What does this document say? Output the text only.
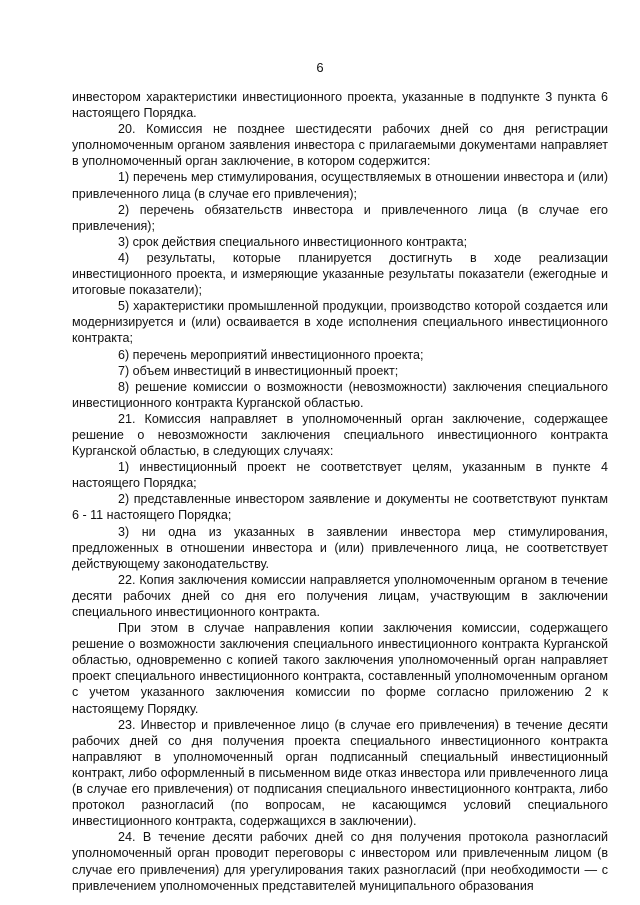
6

инвестором характеристики инвестиционного проекта, указанные в подпункте 3 пункта 6 настоящего Порядка.

20. Комиссия не позднее шестидесяти рабочих дней со дня регистрации уполномоченным органом заявления инвестора с прилагаемыми документами направляет в уполномоченный орган заключение, в котором содержится:

1) перечень мер стимулирования, осуществляемых в отношении инвестора и (или) привлеченного лица (в случае его привлечения);

2) перечень обязательств инвестора и привлеченного лица (в случае его привлечения);

3) срок действия специального инвестиционного контракта;

4) результаты, которые планируется достигнуть в ходе реализации инвестиционного проекта, и измеряющие указанные результаты показатели (ежегодные и итоговые показатели);

5) характеристики промышленной продукции, производство которой создается или модернизируется и (или) осваивается в ходе исполнения специального инвестиционного контракта;

6) перечень мероприятий инвестиционного проекта;

7) объем инвестиций в инвестиционный проект;

8) решение комиссии о возможности (невозможности) заключения специального инвестиционного контракта Курганской областью.

21. Комиссия направляет в уполномоченный орган заключение, содержащее решение о невозможности заключения специального инвестиционного контракта Курганской областью, в следующих случаях:

1) инвестиционный проект не соответствует целям, указанным в пункте 4 настоящего Порядка;

2) представленные инвестором заявление и документы не соответствуют пунктам 6 - 11 настоящего Порядка;

3) ни одна из указанных в заявлении инвестора мер стимулирования, предложенных в отношении инвестора и (или) привлеченного лица, не соответствует действующему законодательству.

22. Копия заключения комиссии направляется уполномоченным органом в течение десяти рабочих дней со дня его получения лицам, участвующим в заключении специального инвестиционного контракта.

При этом в случае направления копии заключения комиссии, содержащего решение о возможности заключения специального инвестиционного контракта Курганской областью, одновременно с копией такого заключения уполномоченный орган направляет проект специального инвестиционного контракта, составленный уполномоченным органом с учетом указанного заключения комиссии по форме согласно приложению 2 к настоящему Порядку.

23. Инвестор и привлеченное лицо (в случае его привлечения) в течение десяти рабочих дней со дня получения проекта специального инвестиционного контракта направляют в уполномоченный орган подписанный специальный инвестиционный контракт, либо оформленный в письменном виде отказ инвестора или привлеченного лица (в случае его привлечения) от подписания специального инвестиционного контракта, либо протокол разногласий (по вопросам, не касающимся условий специального инвестиционного контракта, содержащихся в заключении).

24. В течение десяти рабочих дней со дня получения протокола разногласий уполномоченный орган проводит переговоры с инвестором или привлеченным лицом (в случае его привлечения) для урегулирования таких разногласий (при необходимости — с привлечением уполномоченных представителей муниципального образования
